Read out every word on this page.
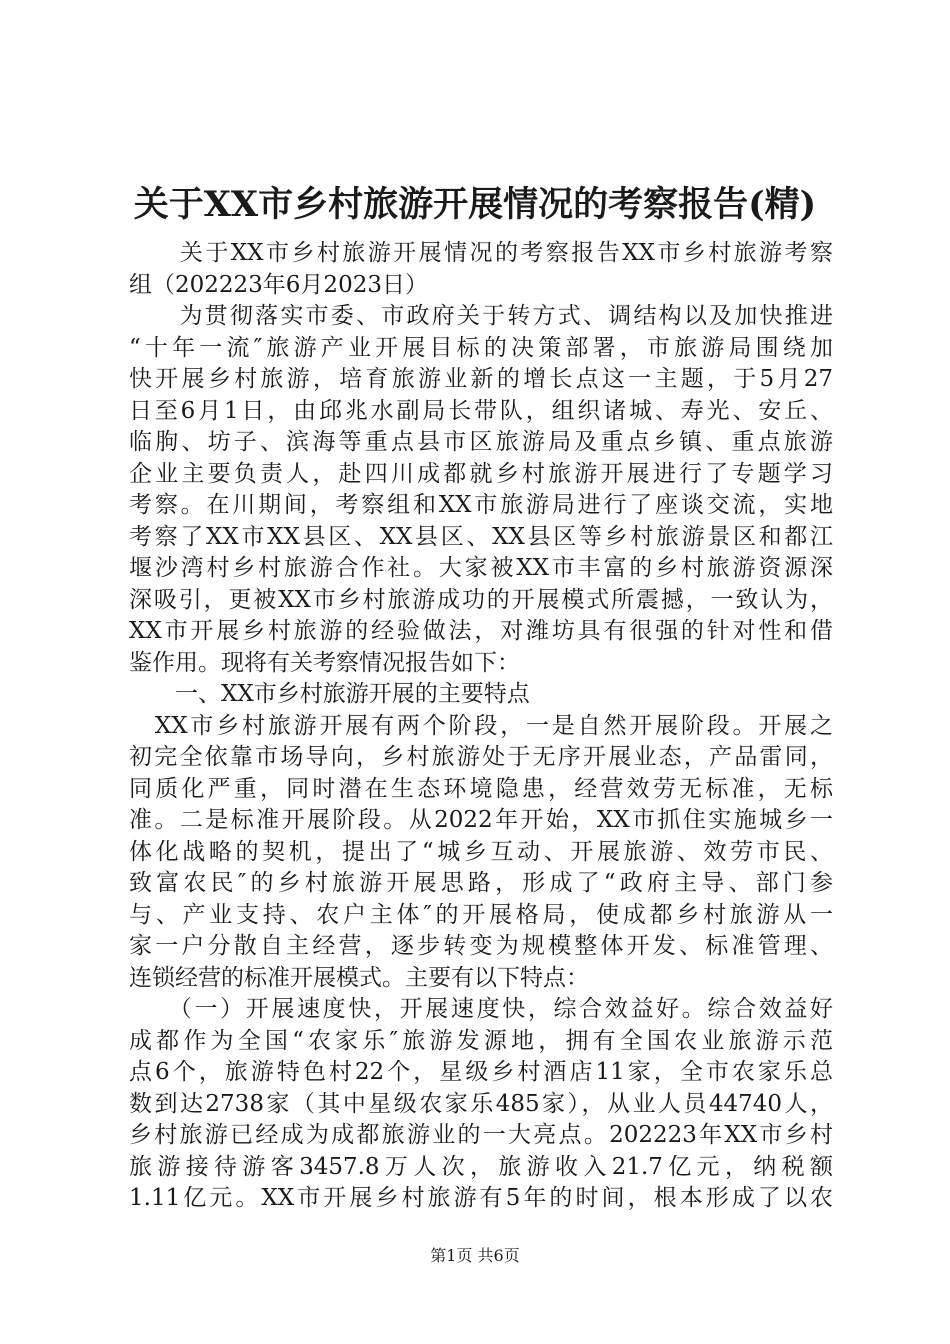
关于XX市乡村旅游开展情况的考察报告(精)
　　关于XX市乡村旅游开展情况的考察报告XX市乡村旅游考察
组（202223年6月2023日）
　　为贯彻落实市委、市政府关于转方式、调结构以及加快推进
“十年一流″旅游产业开展目标的决策部署，市旅游局围绕加
快开展乡村旅游，培育旅游业新的增长点这一主题，于5月27
日至6月1日，由邱兆水副局长带队，组织诸城、寿光、安丘、
临朐、坊子、滨海等重点县市区旅游局及重点乡镇、重点旅游
企业主要负责人，赴四川成都就乡村旅游开展进行了专题学习
考察。在川期间，考察组和XX市旅游局进行了座谈交流，实地
考察了XX市XX县区、XX县区、XX县区等乡村旅游景区和都江
堰沙湾村乡村旅游合作社。大家被XX市丰富的乡村旅游资源深
深吸引，更被XX市乡村旅游成功的开展模式所震撼，一致认为，
XX市开展乡村旅游的经验做法，对潍坊具有很强的针对性和借
鉴作用。现将有关考察情况报告如下：
　　一、XX市乡村旅游开展的主要特点
　XX市乡村旅游开展有两个阶段，一是自然开展阶段。开展之
初完全依靠市场导向，乡村旅游处于无序开展业态，产品雷同，
同质化严重，同时潜在生态环境隐患，经营效劳无标准，无标
准。二是标准开展阶段。从2022年开始，XX市抓住实施城乡一
体化战略的契机，提出了“城乡互动、开展旅游、效劳市民、
致富农民″的乡村旅游开展思路，形成了“政府主导、部门参
与、产业支持、农户主体″的开展格局，使成都乡村旅游从一
家一户分散自主经营，逐步转变为规模整体开发、标准管理、
连锁经营的标准开展模式。主要有以下特点：
　　（一）开展速度快，开展速度快，综合效益好。综合效益好
成都作为全国“农家乐″旅游发源地，拥有全国农业旅游示范
点6个，旅游特色村22个，星级乡村酒店11家，全市农家乐总
数到达2738家（其中星级农家乐485家），从业人员44740人，
乡村旅游已经成为成都旅游业的一大亮点。202223年XX市乡村
旅游接待游客3457.8万人次，旅游收入21.7亿元，纳税额
1.11亿元。XX市开展乡村旅游有5年的时间，根本形成了以农
第1页 共6页
